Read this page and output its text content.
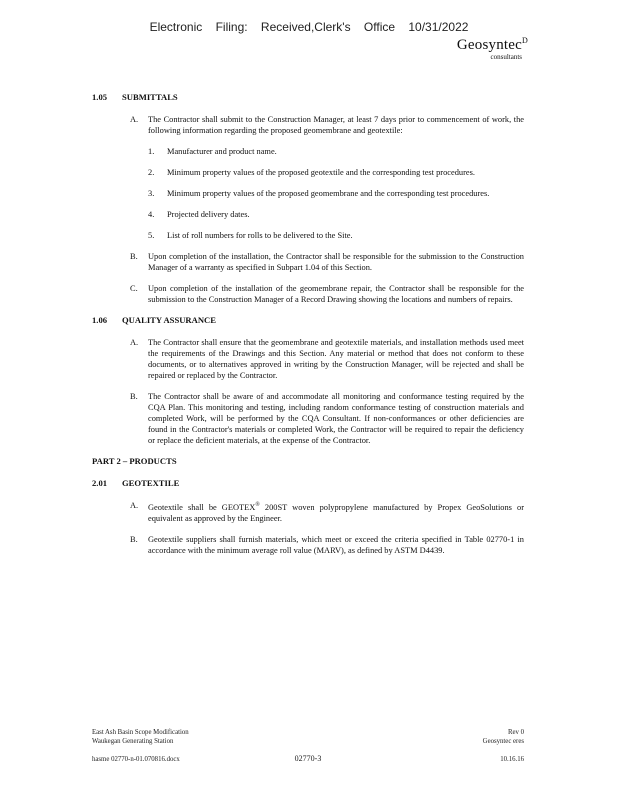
Electronic Filing: Received,Clerk's Office 10/31/2022
Geosyntec$^D$
consultants
1.05 SUBMITTALS
A. The Contractor shall submit to the Construction Manager, at least 7 days prior to commencement of work, the following information regarding the proposed geomembrane and geotextile:
1. Manufacturer and product name.
2. Minimum property values of the proposed geotextile and the corresponding test procedures.
3. Minimum property values of the proposed geomembrane and the corresponding test procedures.
4. Projected delivery dates.
5. List of roll numbers for rolls to be delivered to the Site.
B. Upon completion of the installation, the Contractor shall be responsible for the submission to the Construction Manager of a warranty as specified in Subpart 1.04 of this Section.
C. Upon completion of the installation of the geomembrane repair, the Contractor shall be responsible for the submission to the Construction Manager of a Record Drawing showing the locations and numbers of repairs.
1.06 QUALITY ASSURANCE
A. The Contractor shall ensure that the geomembrane and geotextile materials, and installation methods used meet the requirements of the Drawings and this Section. Any material or method that does not conform to these documents, or to alternatives approved in writing by the Construction Manager, will be rejected and shall be repaired or replaced by the Contractor.
B. The Contractor shall be aware of and accommodate all monitoring and conformance testing required by the CQA Plan. This monitoring and testing, including random conformance testing of construction materials and completed Work, will be performed by the CQA Consultant. If non-conformances or other deficiencies are found in the Contractor's materials or completed Work, the Contractor will be required to repair the deficiency or replace the deficient materials, at the expense of the Contractor.
PART 2 – PRODUCTS
2.01 GEOTEXTILE
A. Geotextile shall be GEOTEX® 200ST woven polypropylene manufactured by Propex GeoSolutions or equivalent as approved by the Engineer.
B. Geotextile suppliers shall furnish materials, which meet or exceed the criteria specified in Table 02770-1 in accordance with the minimum average roll value (MARV), as defined by ASTM D4439.
East Ash Basin Scope Modification
Waukegan Generating Station
hasme 02770-n-01.070816.docx	02770-3
Rev 0
Geosyntec eres
10.16.16
